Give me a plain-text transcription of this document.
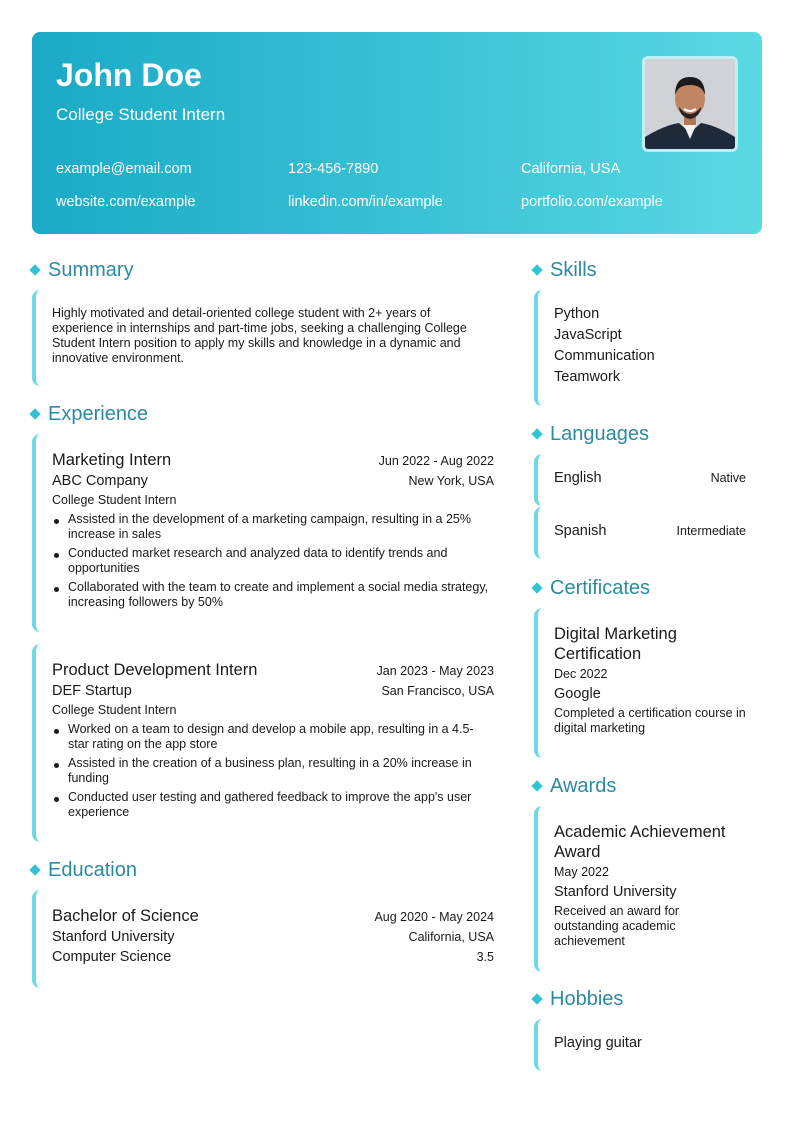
John Doe
College Student Intern
example@email.com	123-456-7890	California, USA
website.com/example	linkedin.com/in/example	portfolio.com/example
Summary
Highly motivated and detail-oriented college student with 2+ years of experience in internships and part-time jobs, seeking a challenging College Student Intern position to apply my skills and knowledge in a dynamic and innovative environment.
Experience
Marketing Intern	Jun 2022 - Aug 2022
ABC Company	New York, USA
College Student Intern
Assisted in the development of a marketing campaign, resulting in a 25% increase in sales
Conducted market research and analyzed data to identify trends and opportunities
Collaborated with the team to create and implement a social media strategy, increasing followers by 50%
Product Development Intern	Jan 2023 - May 2023
DEF Startup	San Francisco, USA
College Student Intern
Worked on a team to design and develop a mobile app, resulting in a 4.5-star rating on the app store
Assisted in the creation of a business plan, resulting in a 20% increase in funding
Conducted user testing and gathered feedback to improve the app's user experience
Education
Bachelor of Science	Aug 2020 - May 2024
Stanford University	California, USA
Computer Science	3.5
Skills
Python
JavaScript
Communication
Teamwork
Languages
English	Native
Spanish	Intermediate
Certificates
Digital Marketing Certification
Dec 2022
Google
Completed a certification course in digital marketing
Awards
Academic Achievement Award
May 2022
Stanford University
Received an award for outstanding academic achievement
Hobbies
Playing guitar
